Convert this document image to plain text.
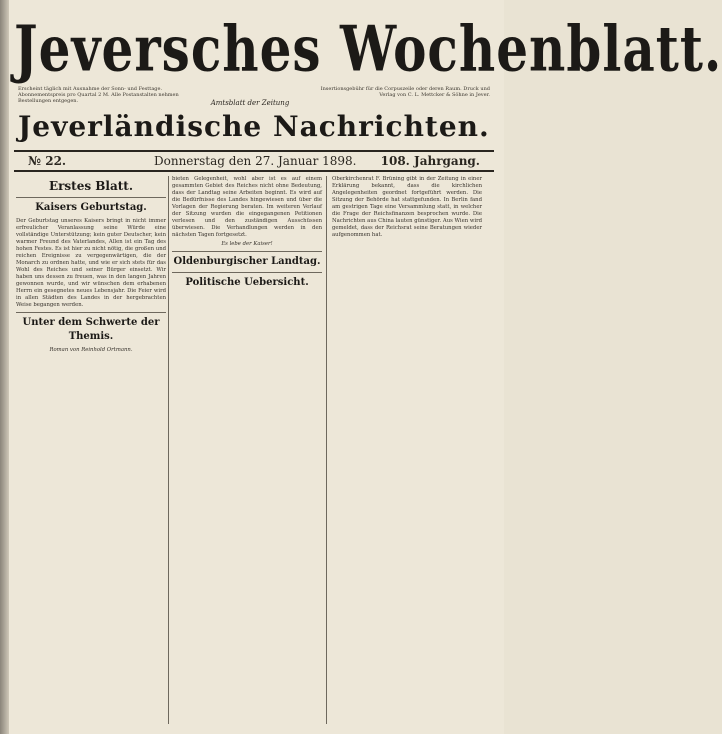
Jeversches Wochenblatt.
Erscheint täglich mit Ausnahme der Sonn- und Festtage. Abonnementspreis pro Quartal 2 M. Alle Postanstalten nehmen Bestellungen entgegen.	Amtsblatt der Zeitung
Insertionsgebühr für die Corpuszeile oder deren Raum. Druck und Verlag von C. L. Mettcker & Söhne in Jever.
Jeverländische Nachrichten.
№ 22.	Donnerstag den 27. Januar 1898. 108. Jahrgang.
Erstes Blatt.
Kaisers Geburtstag.
Der Geburtstag unseres Kaisers bringt in nicht immer erfreulicher Veranlassung seine Würde eine vollständige Unterstützung; kein guter Deutscher, kein warmer Freund des Vaterlandes, Allen ist ein Tag des hohen Festes. Es ist hier zu nicht nötig, die großen und reichen Ereignisse zu vergegenwärtigen, die der Monarch zu ordnen hatte, und wie er sich stets für das Wohl des Reiches und seiner Bürger einsetzt. Wir haben uns dessen zu freuen, was in den langen Jahren gewonnen wurde, und wir wünschen dem erhabenen Herrn ein gesegnetes neues Lebensjahr. Die Feier wird in allen Städten des Landes in der hergebrachten Weise begangen werden.
Unter dem Schwerte der Themis.
Roman von Reinhold Ortmann.
bieten Gelegenheit, wohl aber ist es auf einem gesammten Gebiet des Reiches nicht ohne Bedeutung, dass der Landtag seine Arbeiten beginnt. Es wird auf die Bedürfnisse des Landes hingewiesen und über die Vorlagen der Regierung beraten. Im weiteren Verlauf der Sitzung wurden die eingegangenen Petitionen verlesen und den zuständigen Ausschüssen überwiesen. Die Verhandlungen werden in den nächsten Tagen fortgesetzt.
Es lebe der Kaiser!
Oldenburgischer Landtag.
Politische Uebersicht.
Oberkirchenrat F. Brüning gibt in der Zeitung in einer Erklärung bekannt, dass die kirchlichen Angelegenheiten geordnet fortgeführt werden. Die Sitzung der Behörde hat stattgefunden. In Berlin fand am gestrigen Tage eine Versammlung statt, in welcher die Frage der Reichsfinanzen besprochen wurde. Die Nachrichten aus China lauten günstiger. Aus Wien wird gemeldet, dass der Reichsrat seine Beratungen wieder aufgenommen hat.
